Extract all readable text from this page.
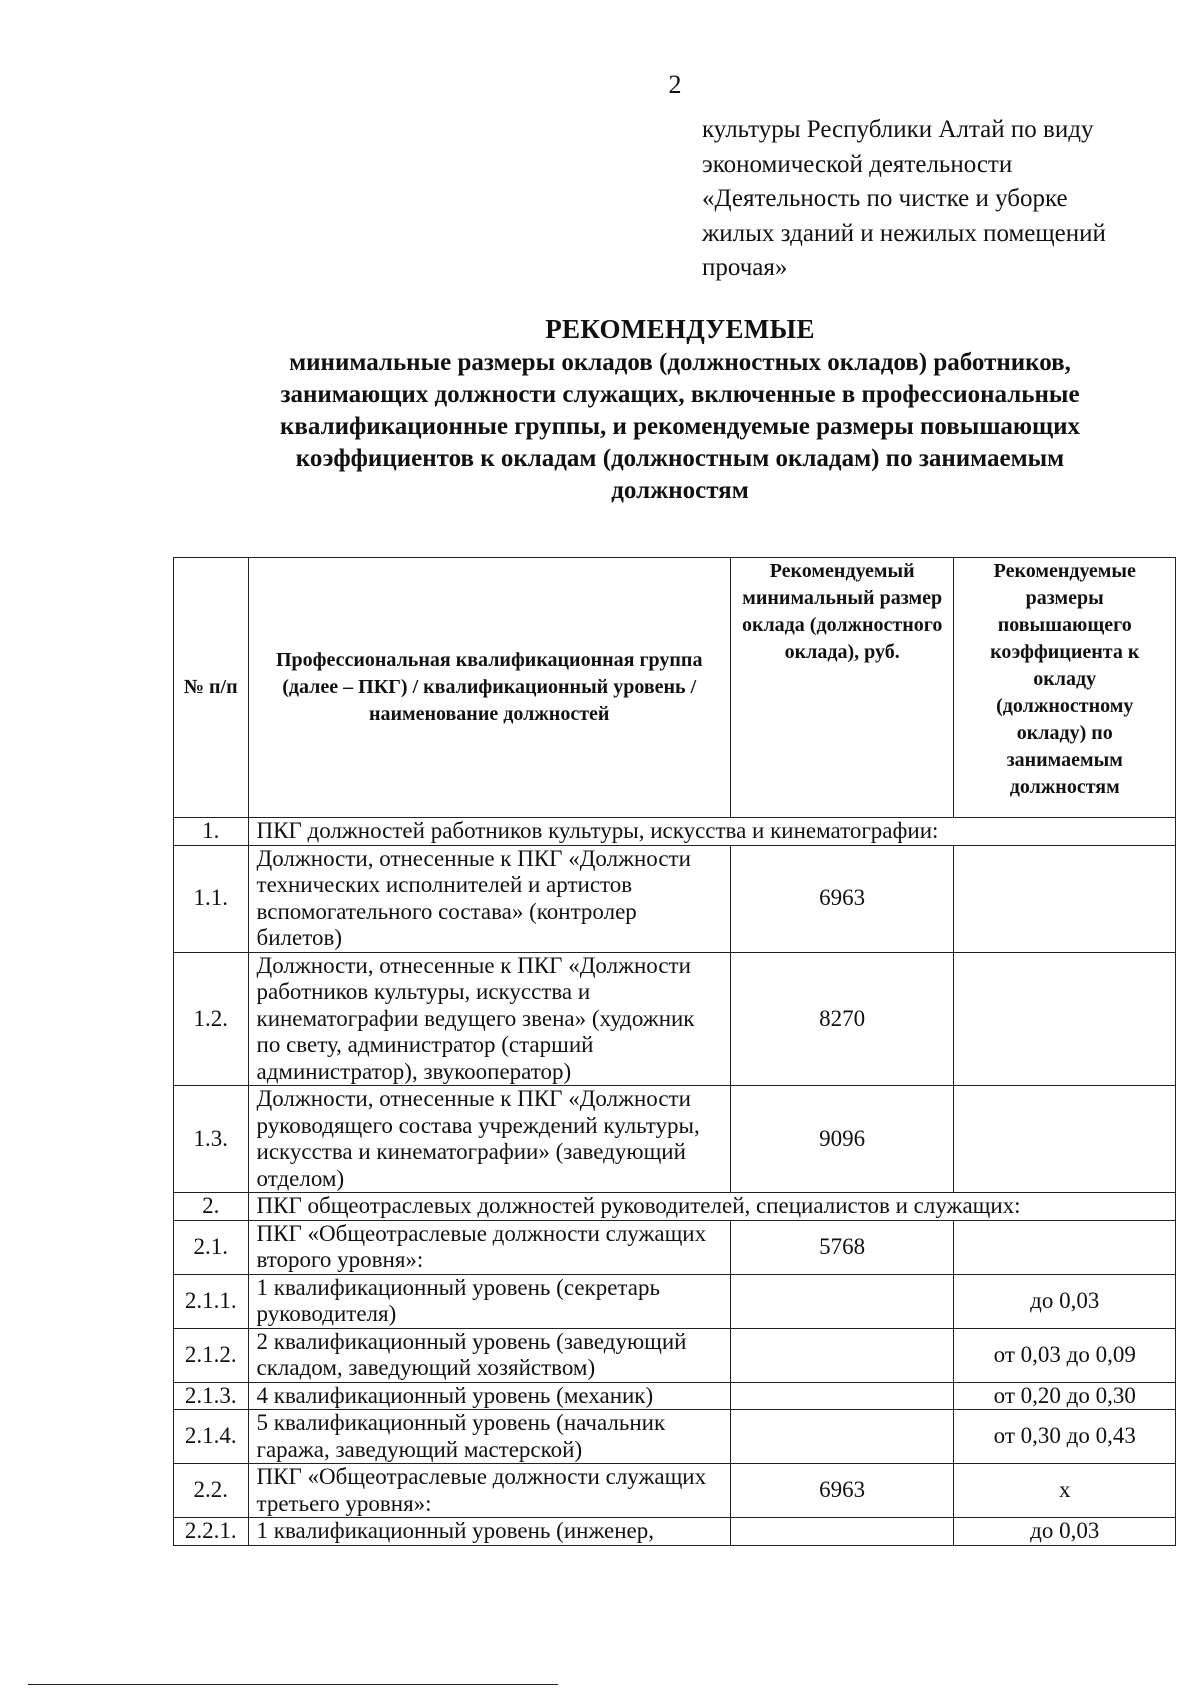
2
культуры Республики Алтай по виду
экономической деятельности
«Деятельность по чистке и уборке
жилых зданий и нежилых помещений
прочая»
РЕКОМЕНДУЕМЫЕ
минимальные размеры окладов (должностных окладов) работников,
занимающих должности служащих, включенные в профессиональные
квалификационные группы, и рекомендуемые размеры повышающих
коэффициентов к окладам (должностным окладам) по занимаемым
должностям
№ п/п	Профессиональная квалификационная группа (далее – ПКГ) / квалификационный уровень / наименование должностей	Рекомендуемый минимальный размер оклада (должностного оклада), руб.	Рекомендуемые размеры повышающего коэффициента к окладу (должностному окладу) по занимаемым должностям
1.	ПКГ должностей работников культуры, искусства и кинематографии:		
1.1.	Должности, отнесенные к ПКГ «Должности технических исполнителей и артистов вспомогательного состава» (контролер билетов)	6963	
1.2.	Должности, отнесенные к ПКГ «Должности работников культуры, искусства и кинематографии ведущего звена» (художник по свету, администратор (старший администратор), звукооператор)	8270	
1.3.	Должности, отнесенные к ПКГ «Должности руководящего состава учреждений культуры, искусства и кинематографии» (заведующий отделом)	9096	
2.	ПКГ общеотраслевых должностей руководителей, специалистов и служащих:		
2.1.	ПКГ «Общеотраслевые должности служащих второго уровня»:	5768	
2.1.1.	1 квалификационный уровень (секретарь руководителя)		до 0,03
2.1.2.	2 квалификационный уровень (заведующий складом, заведующий хозяйством)		от 0,03 до 0,09
2.1.3.	4 квалификационный уровень (механик)		от 0,20 до 0,30
2.1.4.	5 квалификационный уровень (начальник гаража, заведующий мастерской)		от 0,30 до 0,43
2.2.	ПКГ «Общеотраслевые должности служащих третьего уровня»:	6963	х
2.2.1.	1 квалификационный уровень (инженер,		до 0,03
